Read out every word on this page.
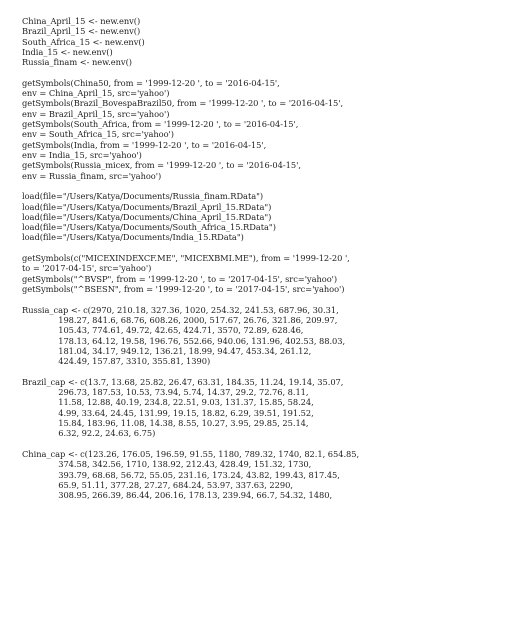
China_April_15 <- new.env()
Brazil_April_15 <- new.env()
South_Africa_15 <- new.env()
India_15 <- new.env()
Russia_finam <- new.env()
getSymbols(China50, from = '1999-12-20 ', to = '2016-04-15',
env = China_April_15, src='yahoo')
getSymbols(Brazil_BovespaBrazil50, from = '1999-12-20 ', to = '2016-04-15',
env = Brazil_April_15, src='yahoo')
getSymbols(South_Africa, from = '1999-12-20 ', to = '2016-04-15',
env = South_Africa_15, src='yahoo')
getSymbols(India, from = '1999-12-20 ', to = '2016-04-15',
env = India_15, src='yahoo')
getSymbols(Russia_micex, from = '1999-12-20 ', to = '2016-04-15',
env = Russia_finam, src='yahoo')
load(file="/Users/Katya/Documents/Russia_finam.RData")
load(file="/Users/Katya/Documents/Brazil_April_15.RData")
load(file="/Users/Katya/Documents/China_April_15.RData")
load(file="/Users/Katya/Documents/South_Africa_15.RData")
load(file="/Users/Katya/Documents/India_15.RData")
getSymbols(c("MICEXINDEXCF.ME", "MICEXBMI.ME"), from = '1999-12-20 ',
to = '2017-04-15', src='yahoo')
getSymbols("^BVSP", from = '1999-12-20 ', to = '2017-04-15', src='yahoo')
getSymbols("^BSESN", from = '1999-12-20 ', to = '2017-04-15', src='yahoo')
Russia_cap <- c(2970, 210.18, 327.36, 1020, 254.32, 241.53, 687.96, 30.31,
198.27, 841.6, 68.76, 608.26, 2000, 517.67, 26.76, 321.86, 209.97,
105.43, 774.61, 49.72, 42.65, 424.71, 3570, 72.89, 628.46,
178.13, 64.12, 19.58, 196.76, 552.66, 940.06, 131.96, 402.53, 88.03,
181.04, 34.17, 949.12, 136.21, 18.99, 94.47, 453.34, 261.12,
424.49, 157.87, 3310, 355.81, 1390)
Brazil_cap <- c(13.7, 13.68, 25.82, 26.47, 63.31, 184.35, 11.24, 19.14, 35.07,
296.73, 187.53, 10.53, 73.94, 5.74, 14.37, 29.2, 72.76, 8.11,
11.58, 12.88, 40.19, 234.8, 22.51, 9.03, 131.37, 15.85, 58.24,
4.99, 33.64, 24.45, 131.99, 19.15, 18.82, 6.29, 39.51, 191.52,
15.84, 183.96, 11.08, 14.38, 8.55, 10.27, 3.95, 29.85, 25.14,
6.32, 92.2, 24.63, 6.75)
China_cap <- c(123.26, 176.05, 196.59, 91.55, 1180, 789.32, 1740, 82.1, 654.85,
374.58, 342.56, 1710, 138.92, 212.43, 428.49, 151.32, 1730,
393.79, 68.68, 56.72, 55.05, 231.16, 173.24, 43.82, 199.43, 817.45,
65.9, 51.11, 377.28, 27.27, 684.24, 53.97, 337.63, 2290,
308.95, 266.39, 86.44, 206.16, 178.13, 239.94, 66.7, 54.32, 1480,
